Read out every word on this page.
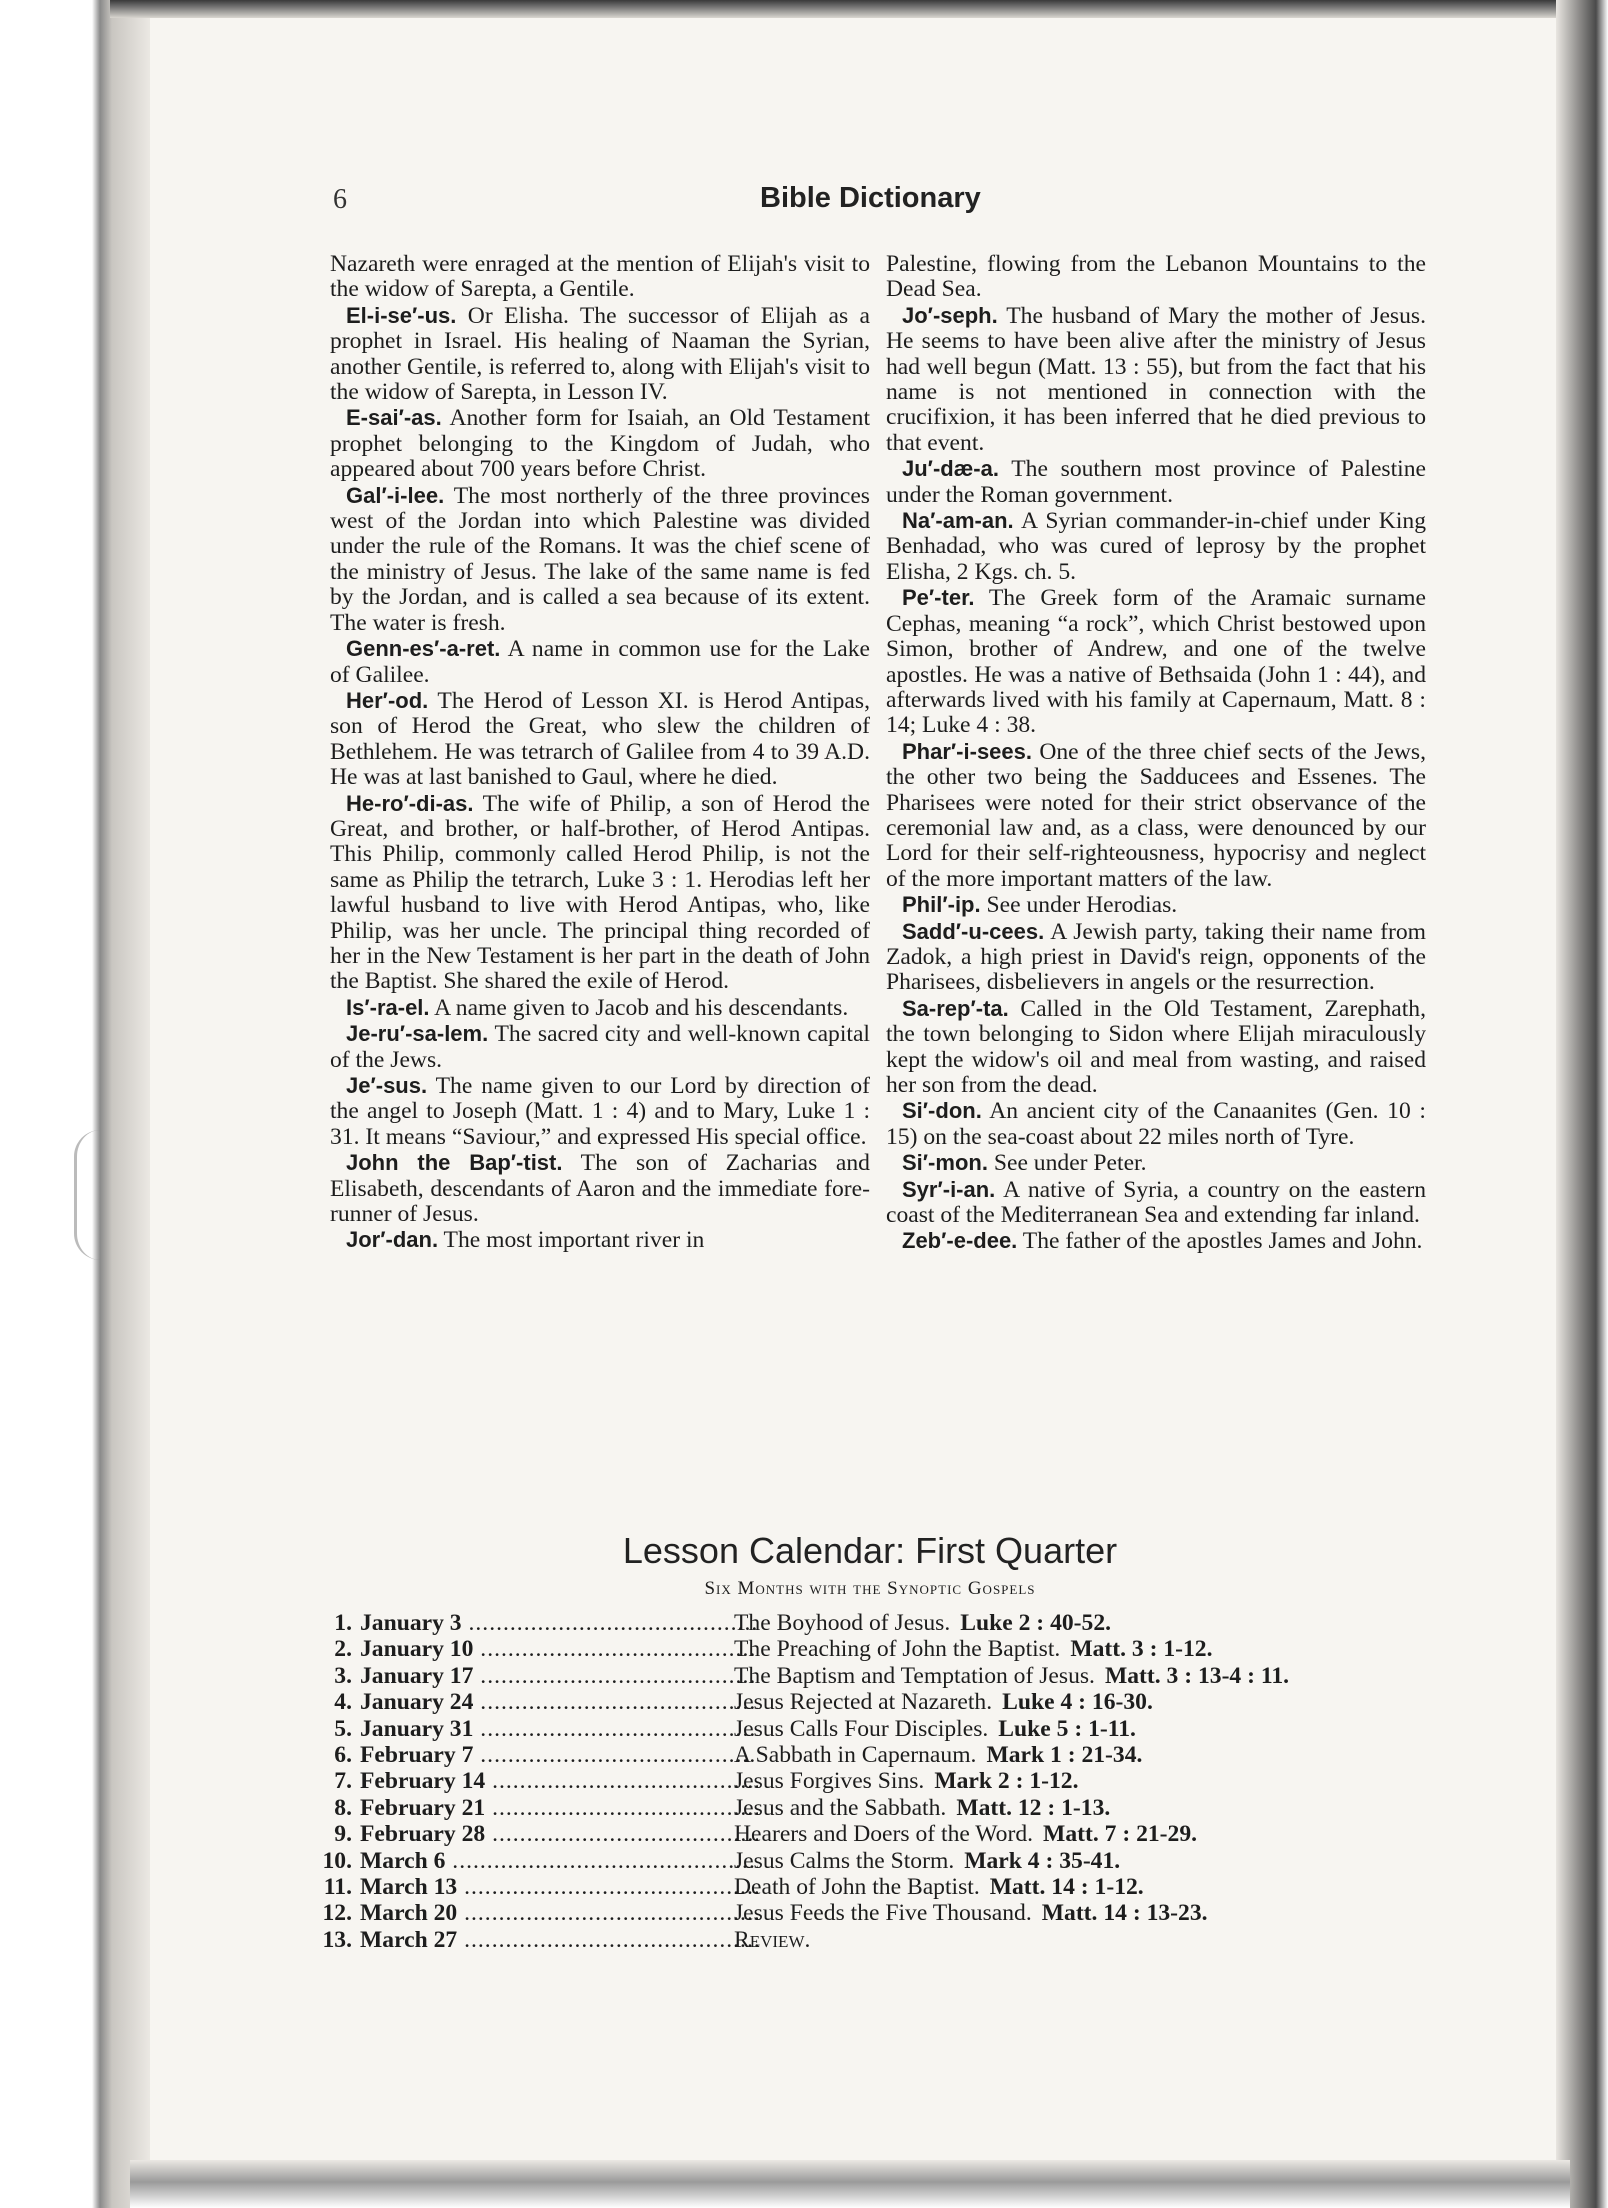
6	Bible Dictionary

Nazareth were enraged at the mention of Elijah's visit to the widow of Sarepta, a Gentile.

El-i-se′-us. Or Elisha. The successor of Elijah as a prophet in Israel. His healing of Naaman the Syrian, another Gentile, is referred to, along with Elijah's visit to the widow of Sarepta, in Lesson IV.

E-sai′-as. Another form for Isaiah, an Old Testament prophet belonging to the Kingdom of Judah, who appeared about 700 years before Christ.

Gal′-i-lee. The most northerly of the three provinces west of the Jordan into which Palestine was divided under the rule of the Romans. It was the chief scene of the ministry of Jesus. The lake of the same name is fed by the Jordan, and is called a sea because of its extent. The water is fresh.

Genn-es′-a-ret. A name in common use for the Lake of Galilee.

Her′-od. The Herod of Lesson XI. is Herod Antipas, son of Herod the Great, who slew the children of Bethlehem. He was tetrarch of Galilee from 4 to 39 A.D. He was at last banished to Gaul, where he died.

He-ro′-di-as. The wife of Philip, a son of Herod the Great, and brother, or half-brother, of Herod Antipas. This Philip, commonly called Herod Philip, is not the same as Philip the tetrarch, Luke 3 : 1. Herodias left her lawful husband to live with Herod Antipas, who, like Philip, was her uncle. The principal thing recorded of her in the New Testament is her part in the death of John the Baptist. She shared the exile of Herod.

Is′-ra-el. A name given to Jacob and his descendants.

Je-ru′-sa-lem. The sacred city and well-known capital of the Jews.

Je′-sus. The name given to our Lord by direction of the angel to Joseph (Matt. 1 : 4) and to Mary, Luke 1 : 31. It means “Saviour,” and expressed His special office.

John the Bap′-tist. The son of Zacharias and Elisabeth, descendants of Aaron and the immediate fore-runner of Jesus.

Jor′-dan. The most important river in

Palestine, flowing from the Lebanon Mountains to the Dead Sea.

Jo′-seph. The husband of Mary the mother of Jesus. He seems to have been alive after the ministry of Jesus had well begun (Matt. 13 : 55), but from the fact that his name is not mentioned in connection with the crucifixion, it has been inferred that he died previous to that event.

Ju′-dæ-a. The southern most province of Palestine under the Roman government.

Na′-am-an. A Syrian commander-in-chief under King Benhadad, who was cured of leprosy by the prophet Elisha, 2 Kgs. ch. 5.

Pe′-ter. The Greek form of the Aramaic surname Cephas, meaning “a rock”, which Christ bestowed upon Simon, brother of Andrew, and one of the twelve apostles. He was a native of Bethsaida (John 1 : 44), and afterwards lived with his family at Capernaum, Matt. 8 : 14; Luke 4 : 38.

Phar′-i-sees. One of the three chief sects of the Jews, the other two being the Sadducees and Essenes. The Pharisees were noted for their strict observance of the ceremonial law and, as a class, were denounced by our Lord for their self-righteousness, hypocrisy and neglect of the more important matters of the law.

Phil′-ip. See under Herodias.

Sadd′-u-cees. A Jewish party, taking their name from Zadok, a high priest in David's reign, opponents of the Pharisees, disbelievers in angels or the resurrection.

Sa-rep′-ta. Called in the Old Testament, Zarephath, the town belonging to Sidon where Elijah miraculously kept the widow's oil and meal from wasting, and raised her son from the dead.

Si′-don. An ancient city of the Canaanites (Gen. 10 : 15) on the sea-coast about 22 miles north of Tyre.

Si′-mon. See under Peter.

Syr′-i-an. A native of Syria, a country on the eastern coast of the Mediterranean Sea and extending far inland.

Zeb′-e-dee. The father of the apostles James and John.

Lesson Calendar: First Quarter
Six Months with the Synoptic Gospels
1. January 3 .....	The Boyhood of Jesus. Luke 2 : 40-52.
2. January 10 .....	The Preaching of John the Baptist. Matt. 3 : 1-12.
3. January 17 .....	The Baptism and Temptation of Jesus. Matt. 3 : 13-4 : 11.
4. January 24 .....	Jesus Rejected at Nazareth. Luke 4 : 16-30.
5. January 31 .....	Jesus Calls Four Disciples. Luke 5 : 1-11.
6. February 7 .....	A Sabbath in Capernaum. Mark 1 : 21-34.
7. February 14 .....	Jesus Forgives Sins. Mark 2 : 1-12.
8. February 21 .....	Jesus and the Sabbath. Matt. 12 : 1-13.
9. February 28 .....	Hearers and Doers of the Word. Matt. 7 : 21-29.
10. March 6 .....	Jesus Calms the Storm. Mark 4 : 35-41.
11. March 13 .....	Death of John the Baptist. Matt. 14 : 1-12.
12. March 20 .....	Jesus Feeds the Five Thousand. Matt. 14 : 13-23.
13. March 27 .....	Review.
